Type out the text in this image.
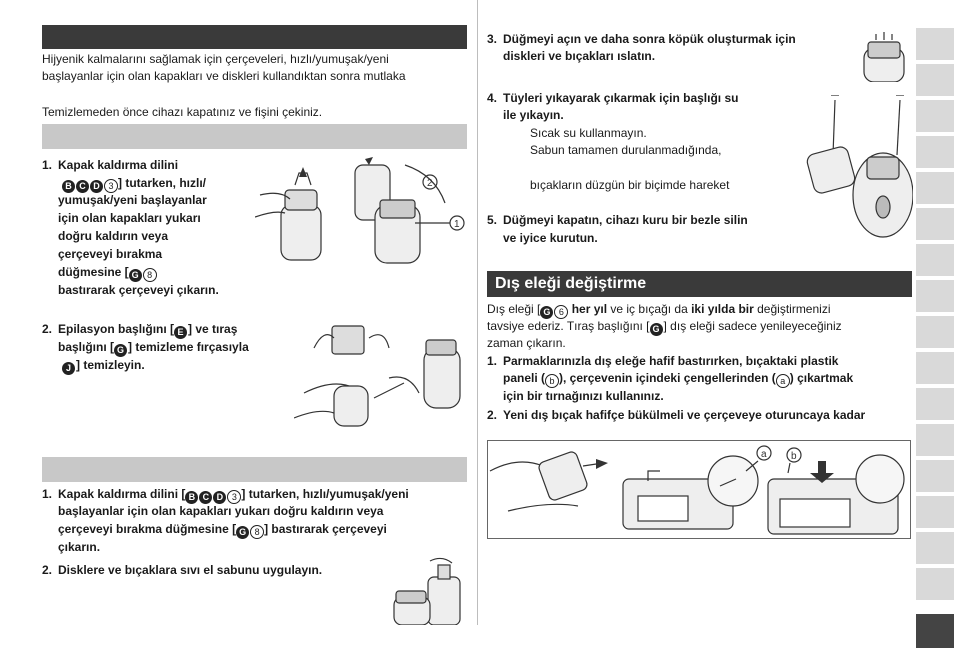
Hijyenik kalmalarını sağlamak için çerçeveleri, hızlı/yumuşak/yeni
başlayanlar için olan kapakları ve diskleri kullandıktan sonra mutlaka
Temizlemeden önce cihazı kapatınız ve fişini çekiniz.
1. Kapak kaldırma dilini
B C D 3 ] tutarken, hızlı/
yumuşak/yeni başlayanlar
için olan kapakları yukarı
doğru kaldırın veya
çerçeveyi bırakma
düğmesine [ G 8
bastırarak çerçeveyi çıkarın.
1
2
2. Epilasyon başlığını [ E ] ve tıraş
başlığını [ G ] temizleme fırçasıyla
J ] temizleyin.
1. Kapak kaldırma dilini [ B C D 3 ] tutarken, hızlı/yumuşak/yeni
başlayanlar için olan kapakları yukarı doğru kaldırın veya
çerçeveyi bırakma düğmesine [ G 8 ] bastırarak çerçeveyi
çıkarın.
2. Disklere ve bıçaklara sıvı el sabunu uygulayın.
3. Düğmeyi açın ve daha sonra köpük oluşturmak için
diskleri ve bıçakları ıslatın.
4. Tüyleri yıkayarak çıkarmak için başlığı su
ile yıkayın.
Sıcak su kullanmayın.
Sabun tamamen durulanmadığında,
bıçakların düzgün bir biçimde hareket
5. Düğmeyi kapatın, cihazı kuru bir bezle silin
ve iyice kurutun.
Dış eleği değiştirme
Dış eleği [ G 6 her yıl ve iç bıçağı da iki yılda bir değiştirmenizi
tavsiye ederiz. Tıraş başlığını [ G ] dış eleği sadece yenileyeceğiniz
zaman çıkarın.
1. Parmaklarınızla dış eleğe hafif bastırırken, bıçaktaki plastik
paneli ( b ), çerçevenin içindeki çengellerinden ( a ) çıkartmak
için bir tırnağınızı kullanınız.
2. Yeni dış bıçak hafifçe bükülmeli ve çerçeveye oturuncaya kadar
a b
